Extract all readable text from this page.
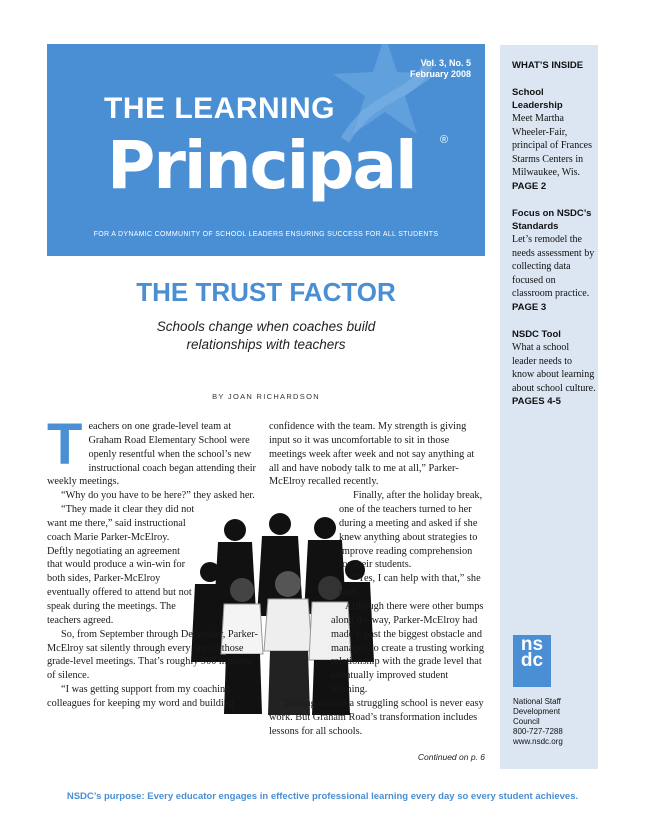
Vol. 3, No. 5
February 2008
THE LEARNING
Principal ®
FOR A DYNAMIC COMMUNITY OF SCHOOL LEADERS ENSURING SUCCESS FOR ALL STUDENTS
THE TRUST FACTOR
Schools change when coaches build
relationships with teachers
BY JOAN RICHARDSON

Teachers on one grade-level team at Graham Road Elementary School were openly resentful when the school’s new instructional coach began attending their weekly meetings.

“Why do you have to be here?” they asked her.

“They made it clear they did not want me there,” said instructional coach Marie Parker-McElroy. Deftly negotiating an agreement that would produce a win-win for both sides, Parker-McElroy eventually offered to attend but not speak during the meetings. The teachers agreed.

So, from September through December, Parker-McElroy sat silently through every one of those grade-level meetings. That’s roughly 900 minutes of silence.

“I was getting support from my coaching colleagues for keeping my word and building

confidence with the team. My strength is giving input so it was uncomfortable to sit in those meetings week after week and not say anything at all and have nobody talk to me at all,” Parker-McElroy recalled recently.

Finally, after the holiday break, one of the teachers turned to her during a meeting and asked if she knew anything about strategies to improve reading comprehension for their students.

“Yes, I can help with that,” she said.

Although there were other bumps along the way, Parker-McElroy had made it past the biggest obstacle and managed to create a trusting working relationship with the grade level that eventually improved student learning.

Turning around a struggling school is never easy work. But Graham Road’s transformation includes lessons for all schools.

Continued on p. 6
WHAT’S INSIDE
School Leadership
Meet Martha Wheeler-Fair, principal of Frances Starms Centers in Milwaukee, Wis.
PAGE 2
Focus on NSDC’s Standards
Let’s remodel the needs assessment by collecting data focused on classroom practice.
PAGE 3
NSDC Tool
What a school leader needs to know about learning about school culture.
PAGES 4-5
ns
dc
National Staff
Development
Council
800-727-7288
www.nsdc.org
NSDC’s purpose: Every educator engages in effective professional learning every day so every student achieves.
